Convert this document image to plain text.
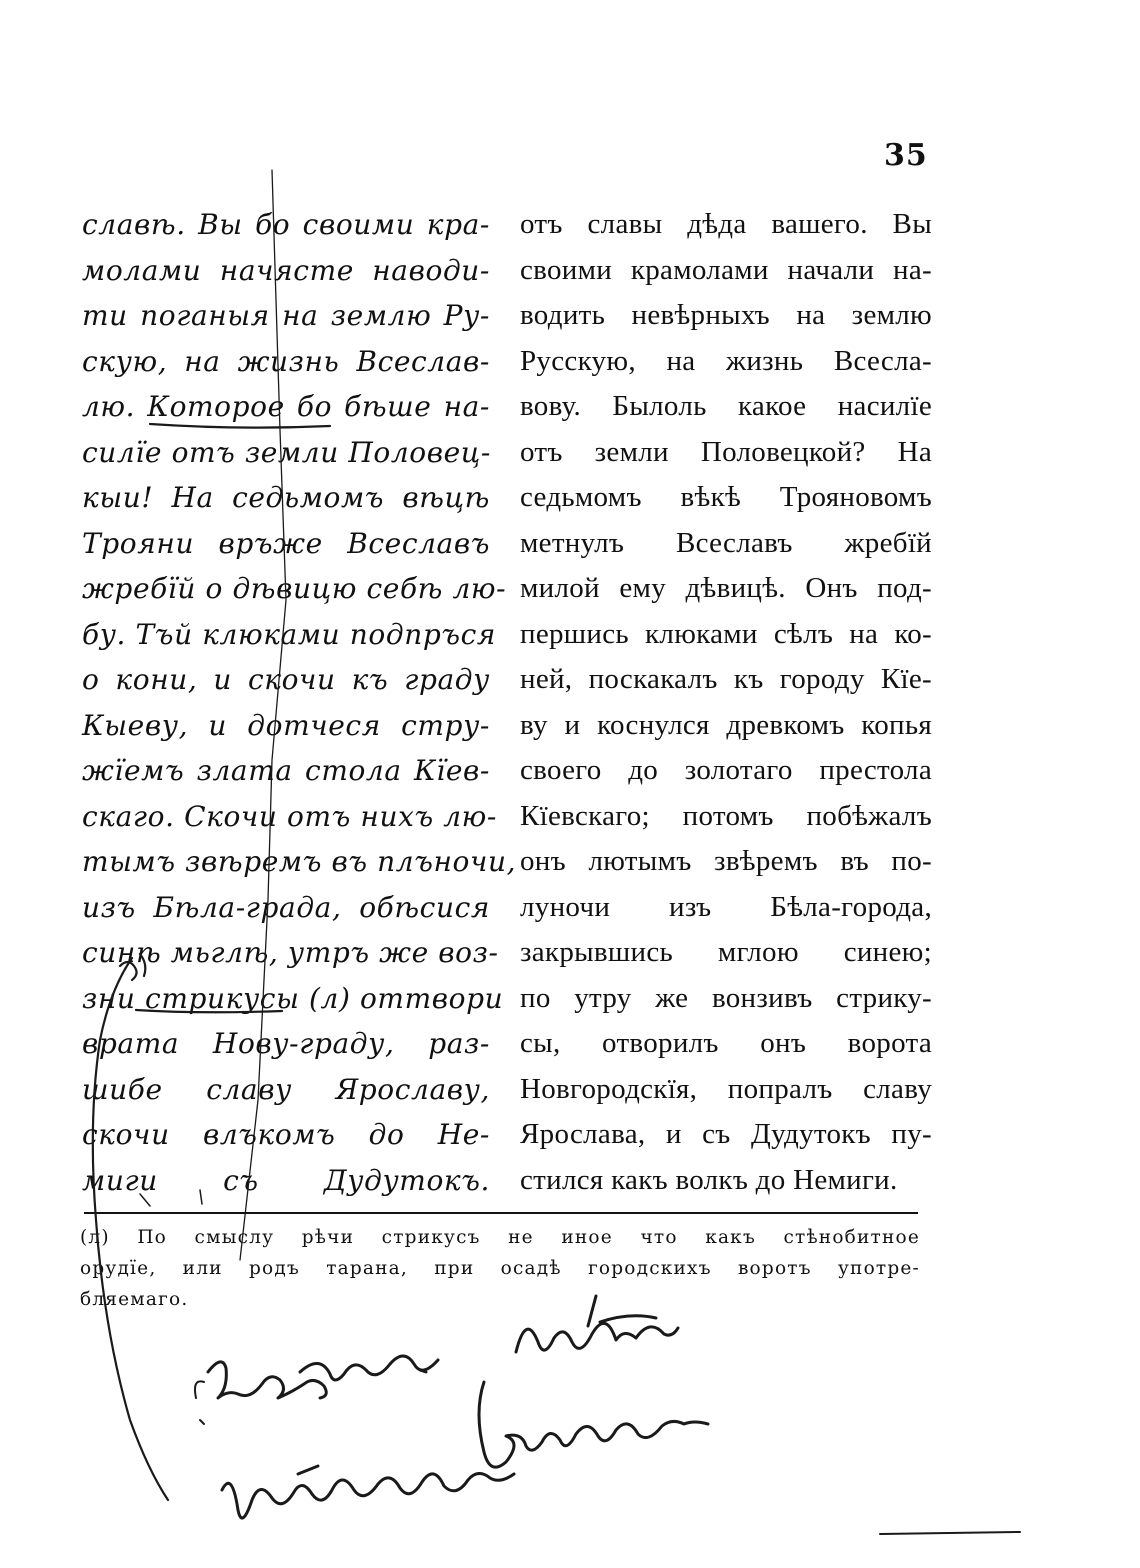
35
славѣ. Вы бо своими кра-
молами начясте наводи-
ти поганыя на землю Ру-
скую, на жизнь Всеслав-
лю. Которое бо бѣше на-
силїе отъ земли Половец-
кыи! На седьмомъ вѣцѣ
Трояни връже Всеславъ
жребїй о дѣвицю себѣ лю-
бу. Тъй клюками подпръся
о кони, и скочи къ граду
Кыеву, и дотчеся стру-
жїемъ злата стола Кїев-
скаго. Скочи отъ нихъ лю-
тымъ звѣремъ въ плъночи,
изъ Бѣла-града, обѣсися
синѣ мьглѣ, утръ же воз-
зни стрикусы (л) оттвори
врата Нову-граду, раз-
шибе славу Ярославу,
скочи влъкомъ до Не-
миги съ Дудутокъ.
отъ славы дѣда вашего. Вы
своими крамолами начали на-
водить невѣрныхъ на землю
Русскую, на жизнь Всесла-
вову. Былоль какое насилїе
отъ земли Половецкой? На
седьмомъ вѣкѣ Трояновомъ
метнулъ Всеславъ жребїй
милой ему дѣвицѣ. Онъ под-
першись клюками сѣлъ на ко-
ней, поскакалъ къ городу Кїе-
ву и коснулся древкомъ копья
своего до золотаго престола
Кїевскаго; потомъ побѣжалъ
онъ лютымъ звѣремъ въ по-
луночи изъ Бѣла-города,
закрывшись мглою синею;
по утру же вонзивъ стрику-
сы, отворилъ онъ ворота
Новгородскїя, попралъ славу
Ярослава, и съ Дудутокъ пу-
стился какъ волкъ до Немиги.
(л) По смыслу рѣчи стрикусъ не иное что какъ стѣнобитное
орудїе, или родъ тарана, при осадѣ городскихъ воротъ употре-
бляемаго.
